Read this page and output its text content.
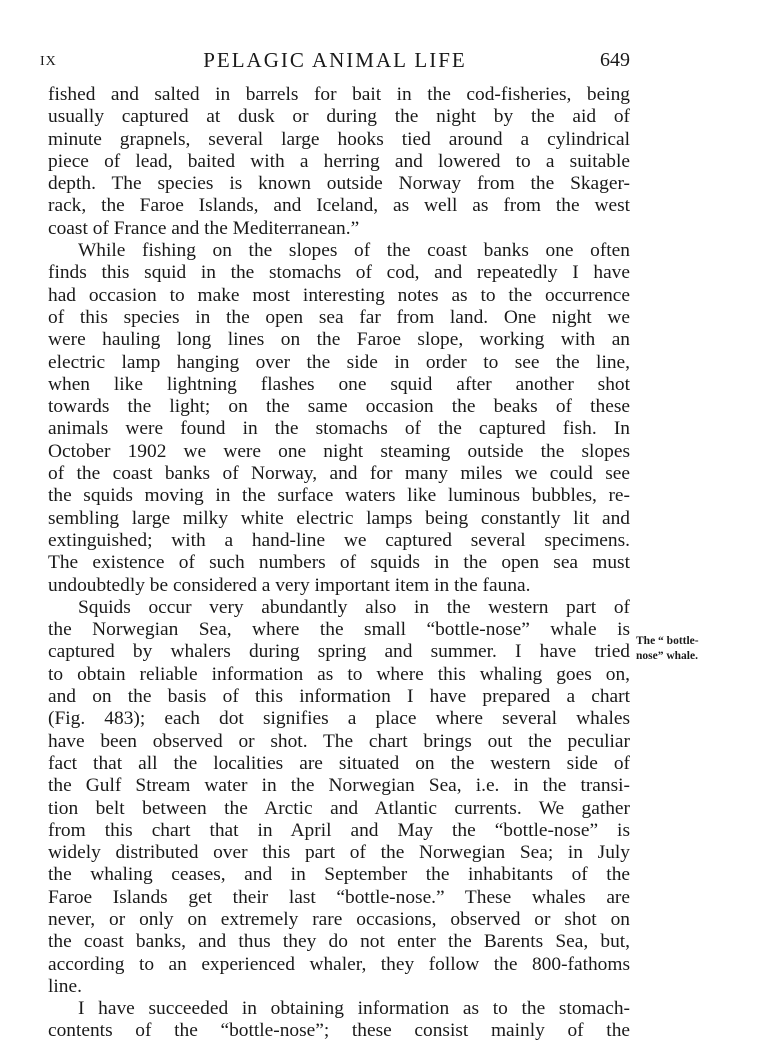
IX	PELAGIC ANIMAL LIFE	649
fished and salted in barrels for bait in the cod-fisheries, being
usually captured at dusk or during the night by the aid of
minute grapnels, several large hooks tied around a cylindrical
piece of lead, baited with a herring and lowered to a suitable
depth. The species is known outside Norway from the Skager-
rack, the Faroe Islands, and Iceland, as well as from the west
coast of France and the Mediterranean.”
While fishing on the slopes of the coast banks one often
finds this squid in the stomachs of cod, and repeatedly I have
had occasion to make most interesting notes as to the occurrence
of this species in the open sea far from land. One night we
were hauling long lines on the Faroe slope, working with an
electric lamp hanging over the side in order to see the line,
when like lightning flashes one squid after another shot
towards the light; on the same occasion the beaks of these
animals were found in the stomachs of the captured fish. In
October 1902 we were one night steaming outside the slopes
of the coast banks of Norway, and for many miles we could see
the squids moving in the surface waters like luminous bubbles, re-
sembling large milky white electric lamps being constantly lit and
extinguished; with a hand-line we captured several specimens.
The existence of such numbers of squids in the open sea must
undoubtedly be considered a very important item in the fauna.
Squids occur very abundantly also in the western part of
the Norwegian Sea, where the small “bottle-nose” whale is
captured by whalers during spring and summer. I have tried
to obtain reliable information as to where this whaling goes on,
and on the basis of this information I have prepared a chart
(Fig. 483); each dot signifies a place where several whales
have been observed or shot. The chart brings out the peculiar
fact that all the localities are situated on the western side of
the Gulf Stream water in the Norwegian Sea, i.e. in the transi-
tion belt between the Arctic and Atlantic currents. We gather
from this chart that in April and May the “bottle-nose” is
widely distributed over this part of the Norwegian Sea; in July
the whaling ceases, and in September the inhabitants of the
Faroe Islands get their last “bottle-nose.” These whales are
never, or only on extremely rare occasions, observed or shot on
the coast banks, and thus they do not enter the Barents Sea, but,
according to an experienced whaler, they follow the 800-fathoms
line.
I have succeeded in obtaining information as to the stomach-
contents of the “bottle-nose”; these consist mainly of the
The “ bottle-
nose” whale.
